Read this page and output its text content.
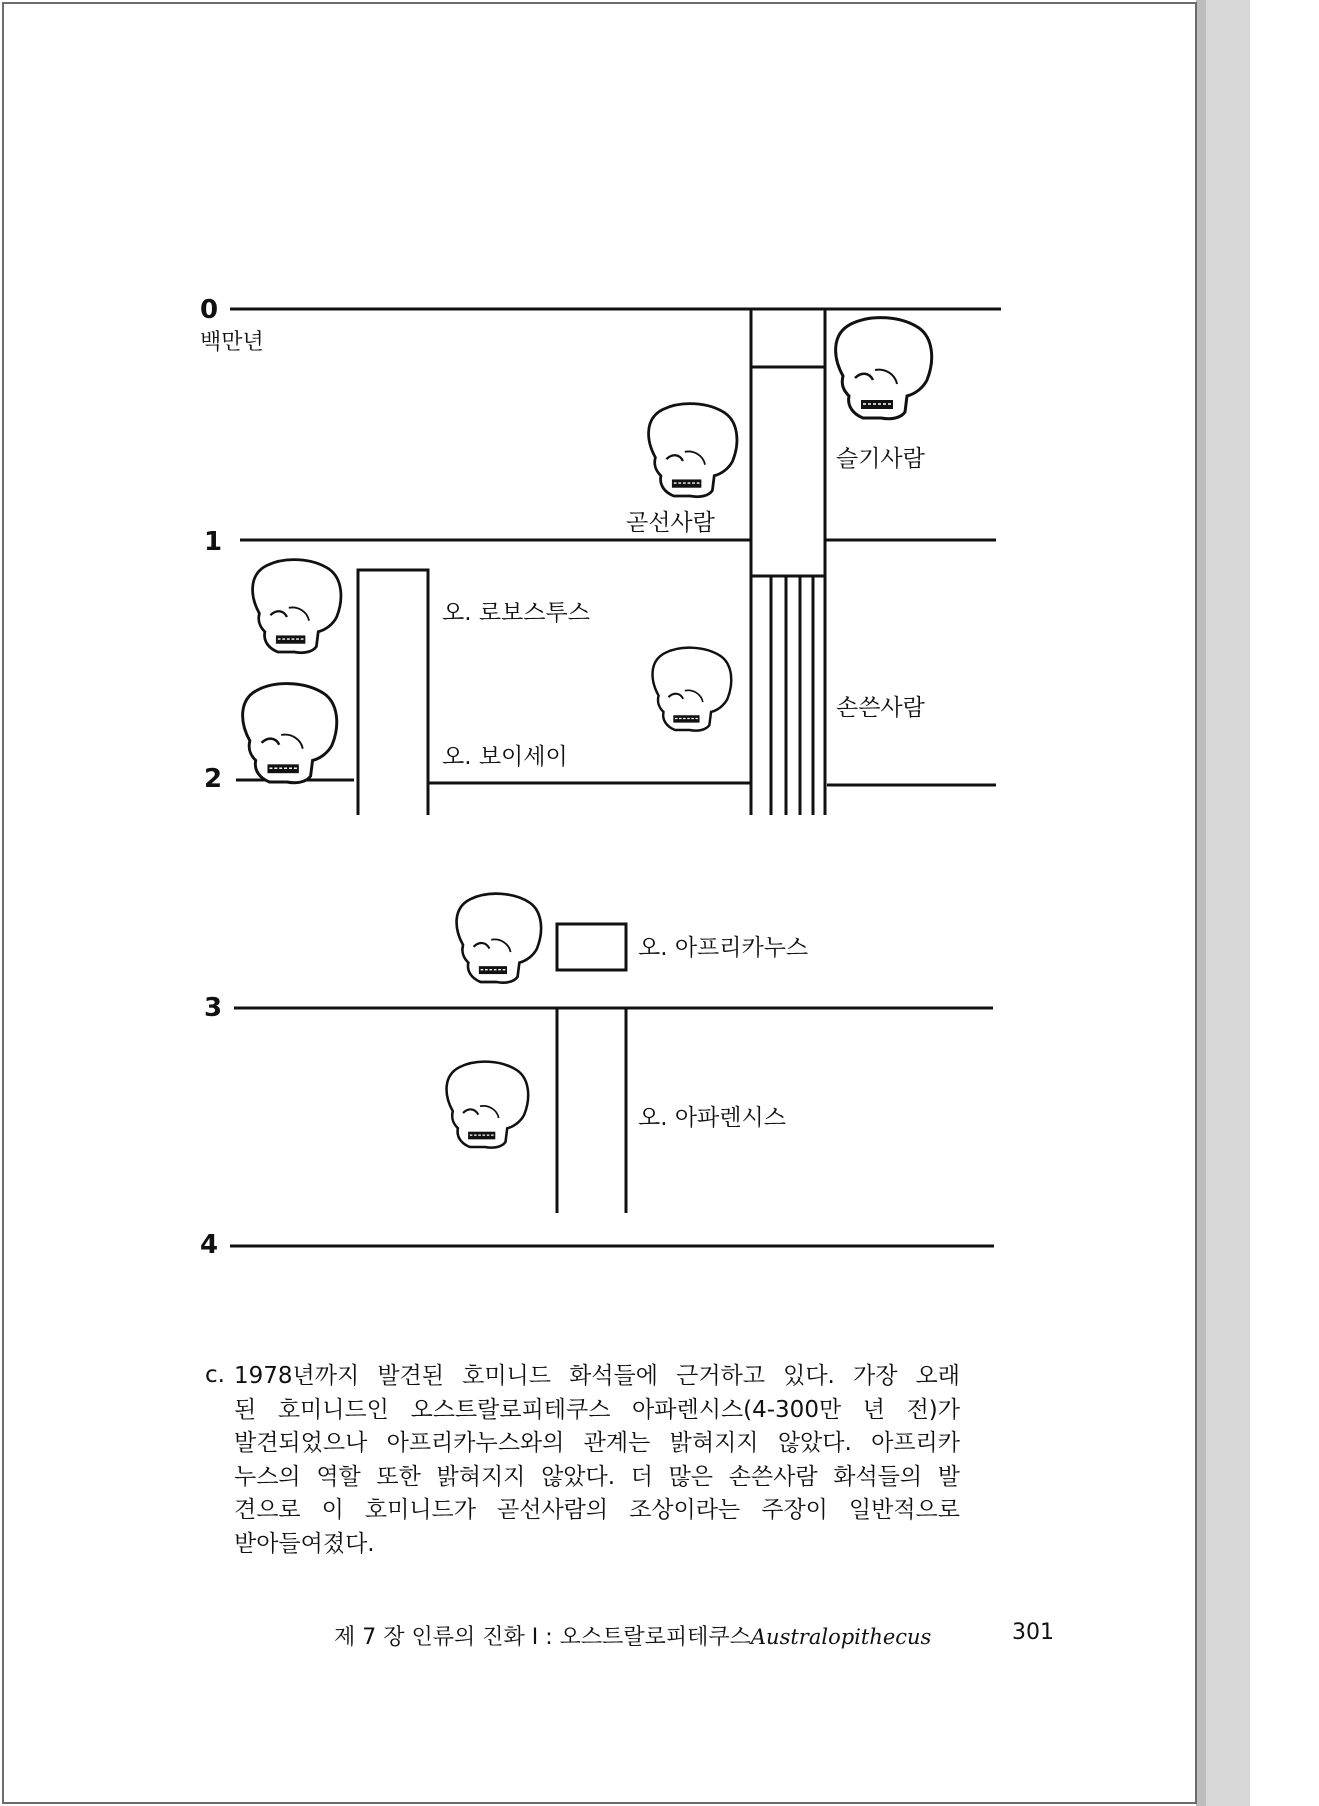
0
백만년
1
2
3
4
슬기사람
곧선사람
손쓴사람
오. 로보스투스
오. 보이세이
오. 아프리카누스
오. 아파렌시스
c. 1978년까지 발견된 호미니드 화석들에 근거하고 있다. 가장 오래
된 호미니드인 오스트랄로피테쿠스 아파렌시스(4-300만 년 전)가
발견되었으나 아프리카누스와의 관계는 밝혀지지 않았다. 아프리카
누스의 역할 또한 밝혀지지 않았다. 더 많은 손쓴사람 화석들의 발
견으로 이 호미니드가 곧선사람의 조상이라는 주장이 일반적으로
받아들여졌다.
제 7 장 인류의 진화 Ⅰ : 오스트랄로피테쿠스Australopithecus	301
